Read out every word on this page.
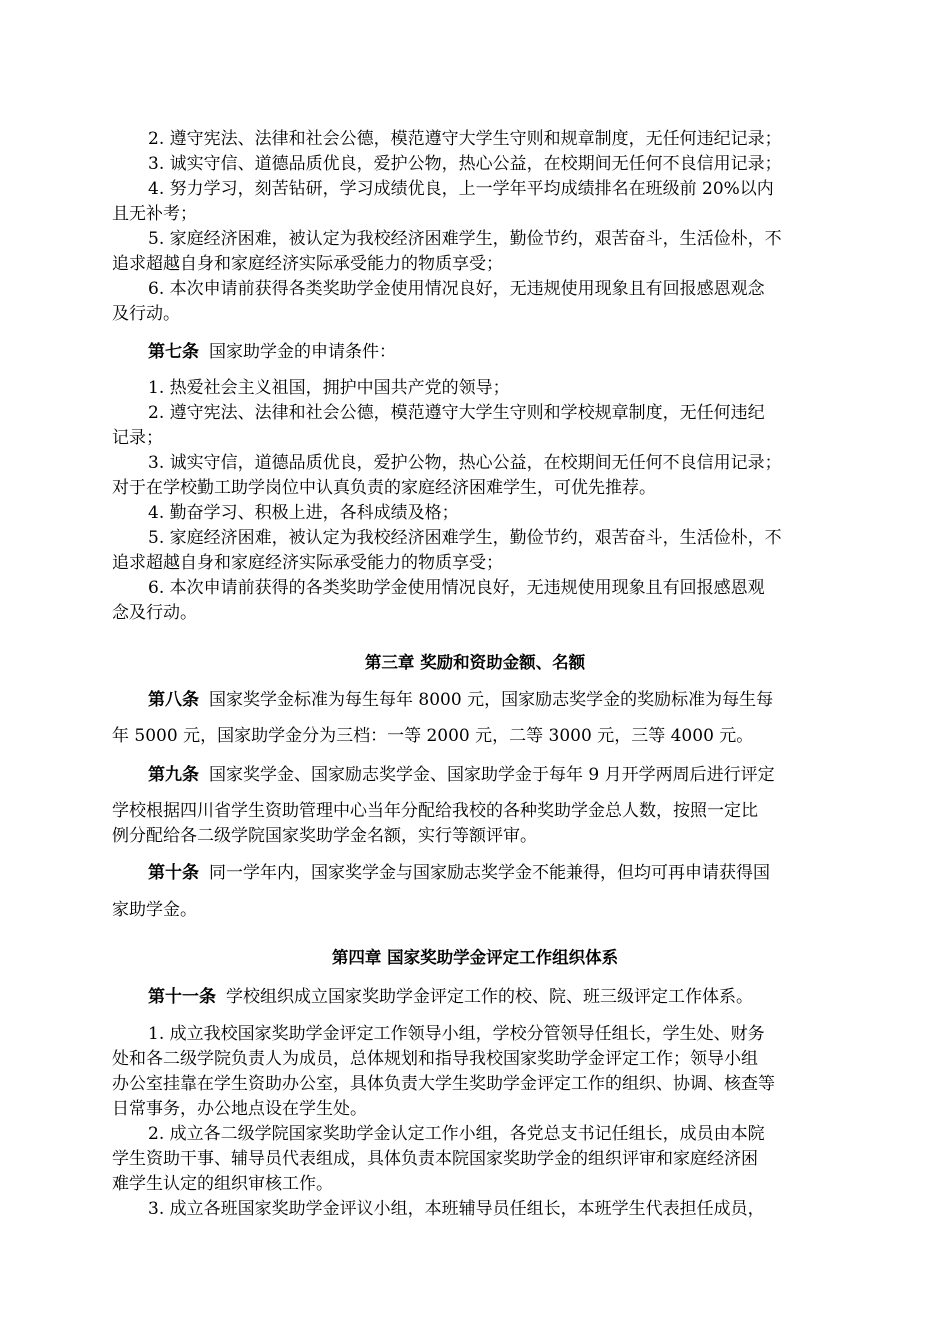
2. 遵守宪法、法律和社会公德，模范遵守大学生守则和规章制度，无任何违纪记录；
3. 诚实守信、道德品质优良，爱护公物，热心公益，在校期间无任何不良信用记录；
4. 努力学习，刻苦钻研，学习成绩优良，上一学年平均成绩排名在班级前 20%以内
且无补考；
5. 家庭经济困难，被认定为我校经济困难学生，勤俭节约，艰苦奋斗，生活俭朴，不
追求超越自身和家庭经济实际承受能力的物质享受；
6. 本次申请前获得各类奖助学金使用情况良好，无违规使用现象且有回报感恩观念
及行动。
第七条 国家助学金的申请条件：
1. 热爱社会主义祖国，拥护中国共产党的领导；
2. 遵守宪法、法律和社会公德，模范遵守大学生守则和学校规章制度，无任何违纪
记录；
3. 诚实守信，道德品质优良，爱护公物，热心公益，在校期间无任何不良信用记录；
对于在学校勤工助学岗位中认真负责的家庭经济困难学生，可优先推荐。
4. 勤奋学习、积极上进，各科成绩及格；
5. 家庭经济困难，被认定为我校经济困难学生，勤俭节约，艰苦奋斗，生活俭朴，不
追求超越自身和家庭经济实际承受能力的物质享受；
6. 本次申请前获得的各类奖助学金使用情况良好，无违规使用现象且有回报感恩观
念及行动。
第三章 奖励和资助金额、名额
第八条 国家奖学金标准为每生每年 8000 元，国家励志奖学金的奖励标准为每生每
年 5000 元，国家助学金分为三档：一等 2000 元，二等 3000 元，三等 4000 元。
第九条 国家奖学金、国家励志奖学金、国家助学金于每年 9 月开学两周后进行评定
学校根据四川省学生资助管理中心当年分配给我校的各种奖助学金总人数，按照一定比
例分配给各二级学院国家奖助学金名额，实行等额评审。
第十条 同一学年内，国家奖学金与国家励志奖学金不能兼得，但均可再申请获得国
家助学金。
第四章 国家奖助学金评定工作组织体系
第十一条 学校组织成立国家奖助学金评定工作的校、院、班三级评定工作体系。
1. 成立我校国家奖助学金评定工作领导小组，学校分管领导任组长，学生处、财务
处和各二级学院负责人为成员，总体规划和指导我校国家奖助学金评定工作；领导小组
办公室挂靠在学生资助办公室，具体负责大学生奖助学金评定工作的组织、协调、核查等
日常事务，办公地点设在学生处。
2. 成立各二级学院国家奖助学金认定工作小组，各党总支书记任组长，成员由本院
学生资助干事、辅导员代表组成，具体负责本院国家奖助学金的组织评审和家庭经济困
难学生认定的组织审核工作。
3. 成立各班国家奖助学金评议小组，本班辅导员任组长，本班学生代表担任成员，
